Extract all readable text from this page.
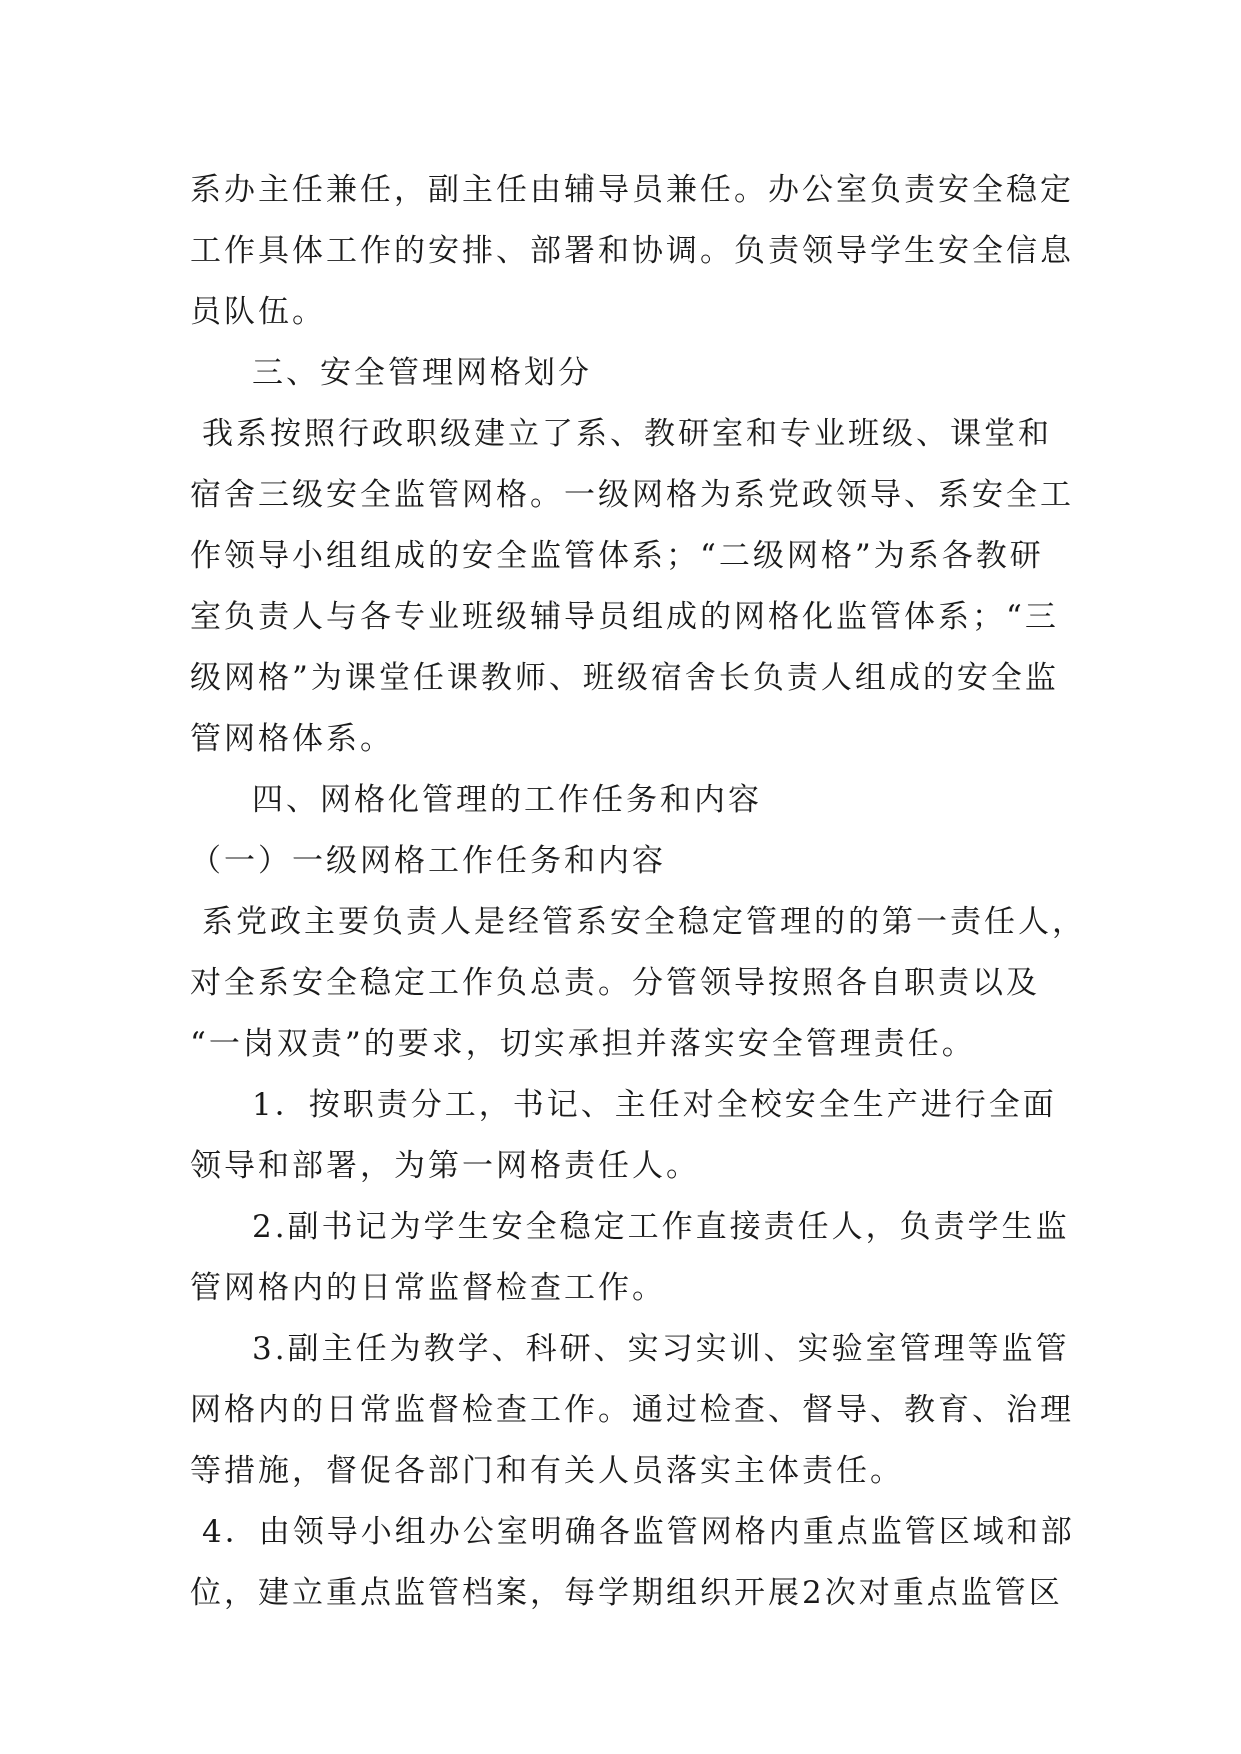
系办主任兼任，副主任由辅导员兼任。办公室负责安全稳定
工作具体工作的安排、部署和协调。负责领导学生安全信息
员队伍。
三、安全管理网格划分
我系按照行政职级建立了系、教研室和专业班级、课堂和
宿舍三级安全监管网格。一级网格为系党政领导、系安全工
作领导小组组成的安全监管体系；“二级网格”为系各教研
室负责人与各专业班级辅导员组成的网格化监管体系；“三
级网格”为课堂任课教师、班级宿舍长负责人组成的安全监
管网格体系。
四、网格化管理的工作任务和内容
（一）一级网格工作任务和内容
系党政主要负责人是经管系安全稳定管理的的第一责任人，
对全系安全稳定工作负总责。分管领导按照各自职责以及
“一岗双责”的要求，切实承担并落实安全管理责任。
1．按职责分工，书记、主任对全校安全生产进行全面
领导和部署，为第一网格责任人。
2.副书记为学生安全稳定工作直接责任人，负责学生监
管网格内的日常监督检查工作。
3.副主任为教学、科研、实习实训、实验室管理等监管
网格内的日常监督检查工作。通过检查、督导、教育、治理
等措施，督促各部门和有关人员落实主体责任。
4．由领导小组办公室明确各监管网格内重点监管区域和部
位，建立重点监管档案，每学期组织开展2次对重点监管区
